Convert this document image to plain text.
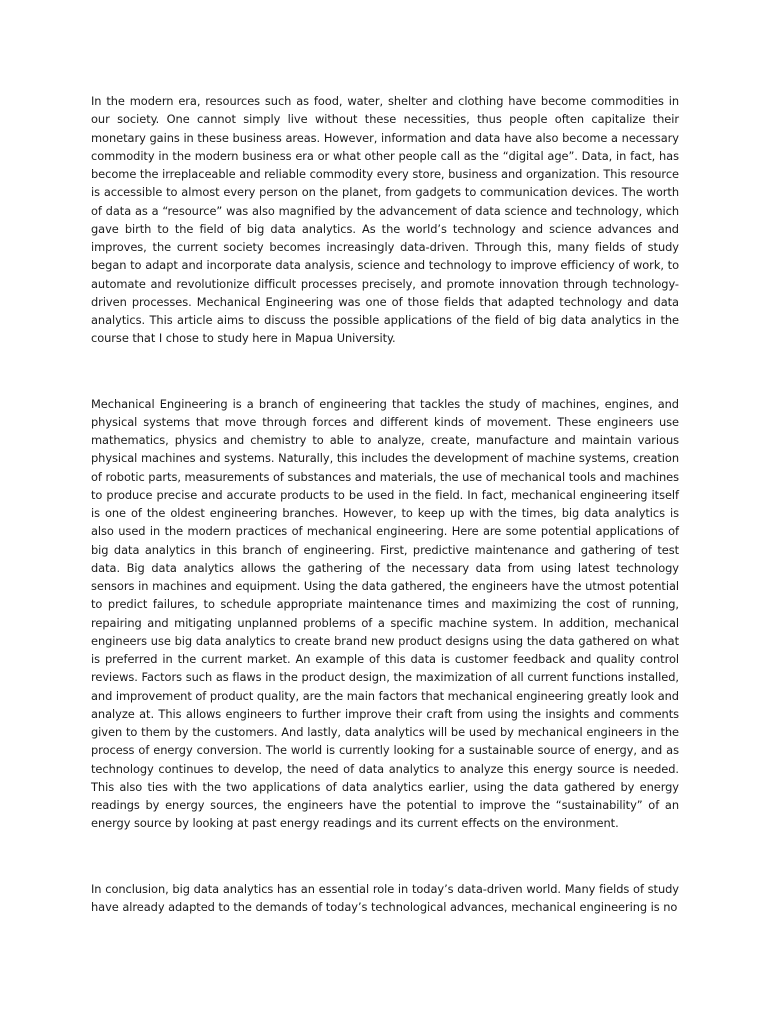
In the modern era, resources such as food, water, shelter and clothing have become commodities in our society. One cannot simply live without these necessities, thus people often capitalize their monetary gains in these business areas. However, information and data have also become a necessary commodity in the modern business era or what other people call as the “digital age”. Data, in fact, has become the irreplaceable and reliable commodity every store, business and organization. This resource is accessible to almost every person on the planet, from gadgets to communication devices. The worth of data as a “resource” was also magnified by the advancement of data science and technology, which gave birth to the field of big data analytics. As the world’s technology and science advances and improves, the current society becomes increasingly data-driven. Through this, many fields of study began to adapt and incorporate data analysis, science and technology to improve efficiency of work, to automate and revolutionize difficult processes precisely, and promote innovation through technology-driven processes. Mechanical Engineering was one of those fields that adapted technology and data analytics. This article aims to discuss the possible applications of the field of big data analytics in the course that I chose to study here in Mapua University.

Mechanical Engineering is a branch of engineering that tackles the study of machines, engines, and physical systems that move through forces and different kinds of movement. These engineers use mathematics, physics and chemistry to able to analyze, create, manufacture and maintain various physical machines and systems. Naturally, this includes the development of machine systems, creation of robotic parts, measurements of substances and materials, the use of mechanical tools and machines to produce precise and accurate products to be used in the field. In fact, mechanical engineering itself is one of the oldest engineering branches. However, to keep up with the times, big data analytics is also used in the modern practices of mechanical engineering. Here are some potential applications of big data analytics in this branch of engineering. First, predictive maintenance and gathering of test data. Big data analytics allows the gathering of the necessary data from using latest technology sensors in machines and equipment. Using the data gathered, the engineers have the utmost potential to predict failures, to schedule appropriate maintenance times and maximizing the cost of running, repairing and mitigating unplanned problems of a specific machine system. In addition, mechanical engineers use big data analytics to create brand new product designs using the data gathered on what is preferred in the current market. An example of this data is customer feedback and quality control reviews. Factors such as flaws in the product design, the maximization of all current functions installed, and improvement of product quality, are the main factors that mechanical engineering greatly look and analyze at. This allows engineers to further improve their craft from using the insights and comments given to them by the customers. And lastly, data analytics will be used by mechanical engineers in the process of energy conversion. The world is currently looking for a sustainable source of energy, and as technology continues to develop, the need of data analytics to analyze this energy source is needed. This also ties with the two applications of data analytics earlier, using the data gathered by energy readings by energy sources, the engineers have the potential to improve the “sustainability” of an energy source by looking at past energy readings and its current effects on the environment.

In conclusion, big data analytics has an essential role in today’s data-driven world. Many fields of study have already adapted to the demands of today’s technological advances, mechanical engineering is no
